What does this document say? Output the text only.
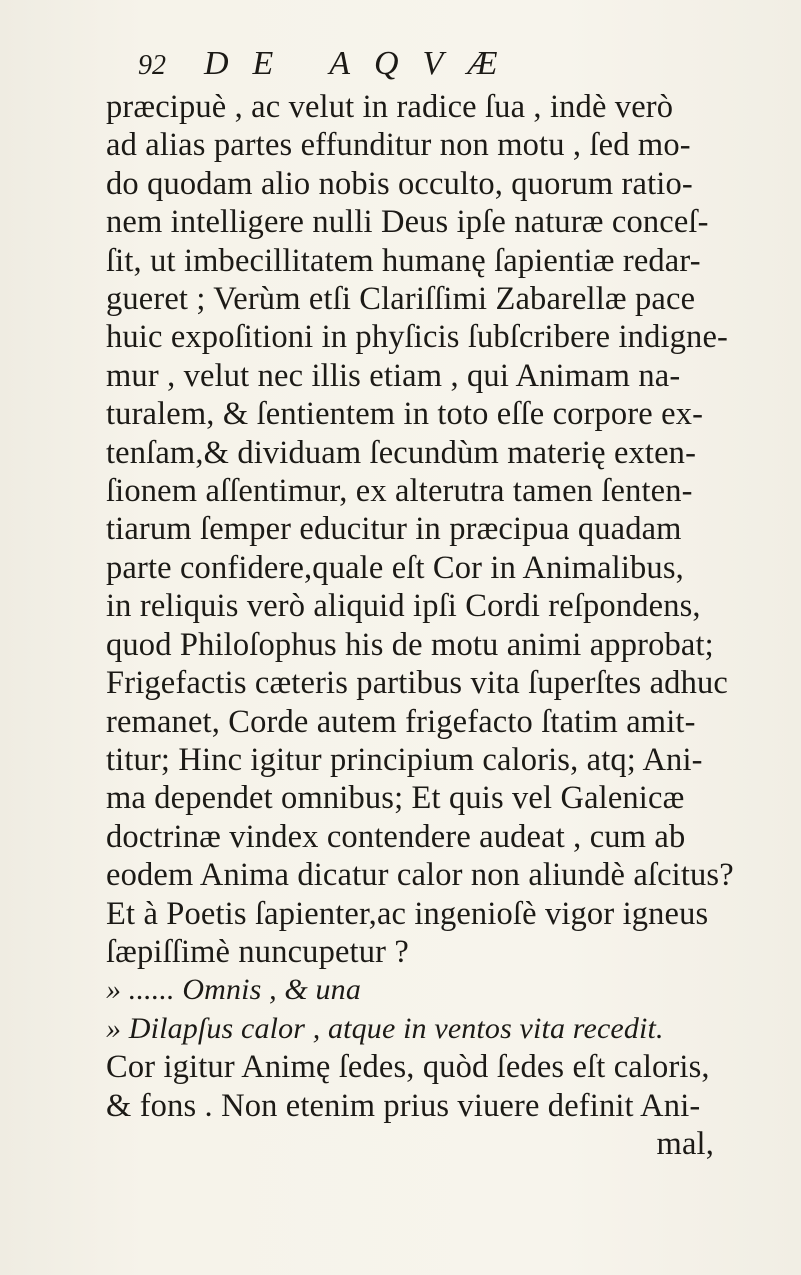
92 DE AQVÆ
præcipuè , ac velut in radice ſua , indè verò
ad alias partes effunditur non motu , ſed mo-
do quodam alio nobis occulto, quorum ratio-
nem intelligere nulli Deus ipſe naturæ conceſ-
ſit, ut imbecillitatem humanę ſapientiæ redar-
gueret ; Verùm etſi Clariſſimi Zabarellæ pace
huic expoſitioni in phyſicis ſubſcribere indigne-
mur , velut nec illis etiam , qui Animam na-
turalem, & ſentientem in toto eſſe corpore ex-
tenſam,& dividuam ſecundùm materię exten-
ſionem aſſentimur, ex alterutra tamen ſenten-
tiarum ſemper educitur in præcipua quadam
parte confidere,quale eſt Cor in Animalibus,
in reliquis verò aliquid ipſi Cordi reſpondens,
quod Philoſophus his de motu animi approbat;
Frigefactis cæteris partibus vita ſuperſtes adhuc
remanet, Corde autem frigefacto ſtatim amit-
titur; Hinc igitur principium caloris, atq; Ani-
ma dependet omnibus; Et quis vel Galenicæ
doctrinæ vindex contendere audeat , cum ab
eodem Anima dicatur calor non aliundè aſcitus?
Et à Poetis ſapienter,ac ingenioſè vigor igneus
ſæpiſſimè nuncupetur ?
» ...... Omnis , & una
» Dilapſus calor , atque in ventos vita recedit.
Cor igitur Animę ſedes, quòd ſedes eſt caloris,
& fons . Non etenim prius viuere definit Ani-
mal,
